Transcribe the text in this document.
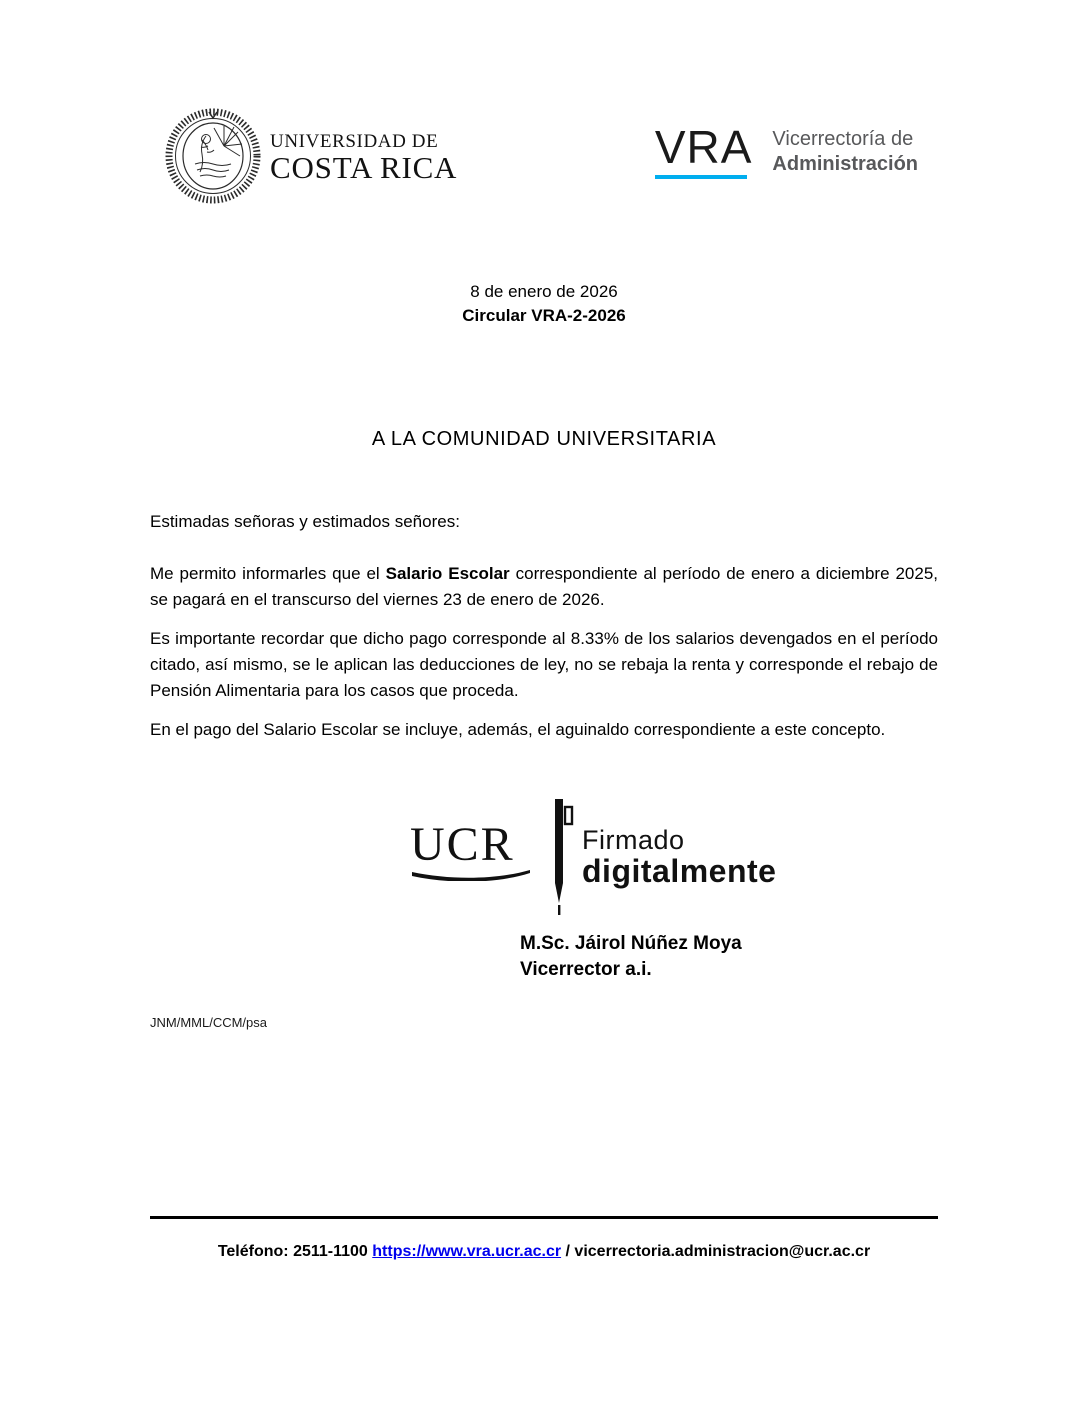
UNIVERSIDAD DE
COSTA RICA	VRA Vicerrectoría de
Administración
8 de enero de 2026
Circular VRA-2-2026
A LA COMUNIDAD UNIVERSITARIA
Estimadas señoras y estimados señores:

Me permito informarles que el Salario Escolar correspondiente al período de enero a diciembre 2025, se pagará en el transcurso del viernes 23 de enero de 2026.

Es importante recordar que dicho pago corresponde al 8.33% de los salarios devengados en el período citado, así mismo, se le aplican las deducciones de ley, no se rebaja la renta y corresponde el rebajo de Pensión Alimentaria para los casos que proceda.

En el pago del Salario Escolar se incluye, además, el aguinaldo correspondiente a este concepto.

UCR	Firmado
digitalmente
M.Sc. Jáirol Núñez Moya
Vicerrector a.i.
JNM/MML/CCM/psa
Teléfono: 2511-1100 https://www.vra.ucr.ac.cr / vicerrectoria.administracion@ucr.ac.cr
